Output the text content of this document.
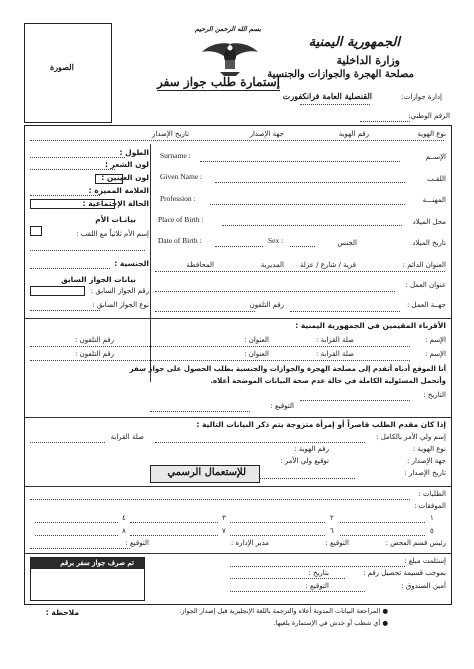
الصورة
بسم الله الرحمن الرحيم
إستمارة طلب جواز سفر
الجمهورية اليمنية
وزارة الداخلية
مصلحة الهجرة والجوازات والجنسية
إدارة جوازات:
القنصلية العامة فرانكفورت
الرقم الوطني:
نوع الهوية
رقم الهوية
جهة الإصدار
تاريخ الإصدار
الإســم
Surname :
اللقـب
Given Name :
المهنـــة
Profession :
محل الميلاد
Place of Birth :
تاريخ الميلاد
Date of Birth :	Sex :	الجنس
العنوان الدائم :
قرية / شارع / عزلة
المديرية
المحافظة
عنوان العمل :
جهــة العمل :
رقم التلفون
الطول :
لون الشعر :
لون العينين :
العلامة المميزة :
الحالة الإجتماعية :
بيانـات الأم
إسم الأم ثلاثياً مع اللقب :
الجنسية :
بيانات الجواز السابق
رقم الجواز السابق :
نوع الجواز السابق :
الأقرباء المقيمين في الجمهورية اليمنية :
الإسم :
صلة القرابة :
العنوان :
رقم التلفون :
الإسم :
صلة القرابة :
العنوان :
رقم التلفون :
أنا الموقع أدناه أتقدم إلى مصلحة الهجرة والجوازات والجنسية بطلب الحصول على جواز سفر
وأتحمل المسئولية الكاملة في حالة عدم صحة البيانات الموضحة أعلاه.
التاريخ :
التوقيع :
إذا كان مقدم الطلب قاصراً أو إمرأة متزوجة يتم ذكر البيانات التالية :
إسم ولي الأمر بالكامل :
صلة القرابة
نوع الهوية :
رقم الهوية :
جهة الإصدار :
توقيع ولي الأمر :
تاريخ الإصدار :
للإستعمال الرسمي
الطلبات :
الموفقات :
١
٢
٣
٤
٥
٦
٧
٨
رئيس قسم الفحص :
التوقيع :
مدير الإدارة :
التوقيع :
إستلمت مبلغ :
بموجب قسيمة تحصيل رقم :
بتاريخ :
أمين الصندوق :
التوقيع :
تم صرف جواز سفر برقم
ملاحظة :	● المراجعة البيانات المدونة أعلاه والترجمة باللغة الإنجليزية قبل إصدار الجواز.
● أي شطب أو خدش في الإستمارة يلغيها.
